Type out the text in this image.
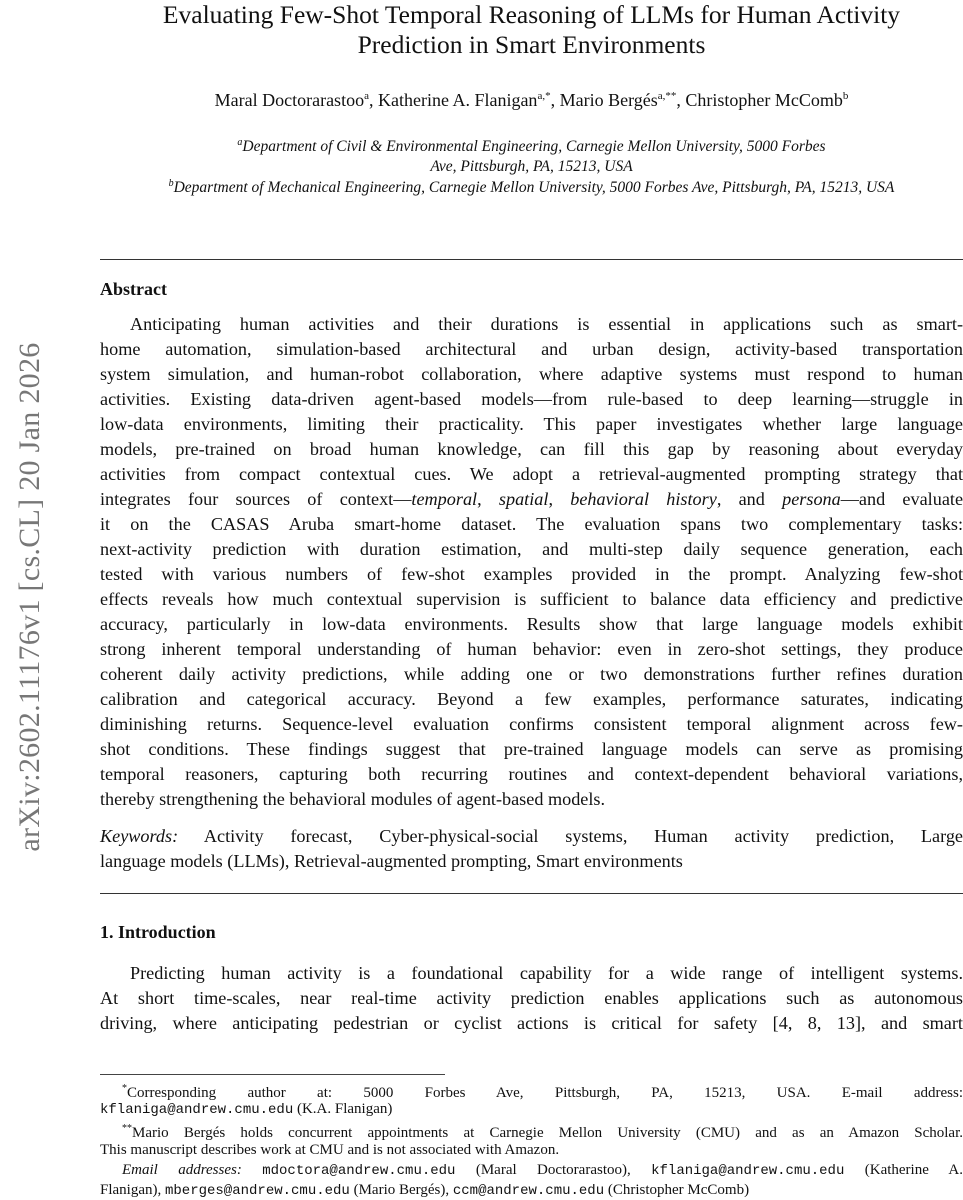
arXiv:2602.11176v1 [cs.CL] 20 Jan 2026
Evaluating Few-Shot Temporal Reasoning of LLMs for Human Activity
Prediction in Smart Environments
Maral Doctorarastoo$^a$, Katherine A. Flanigan$^{a,*}$, Mario Bergés$^{a,**}$, Christopher McComb$^b$
$^a$Department of Civil & Environmental Engineering, Carnegie Mellon University, 5000 Forbes
Ave, Pittsburgh, PA, 15213, USA
$^b$Department of Mechanical Engineering, Carnegie Mellon University, 5000 Forbes Ave, Pittsburgh, PA, 15213, USA
Abstract
Anticipating human activities and their durations is essential in applications such as smart-
home automation, simulation-based architectural and urban design, activity-based transportation
system simulation, and human-robot collaboration, where adaptive systems must respond to human
activities. Existing data-driven agent-based models—from rule-based to deep learning—struggle in
low-data environments, limiting their practicality. This paper investigates whether large language
models, pre-trained on broad human knowledge, can fill this gap by reasoning about everyday
activities from compact contextual cues. We adopt a retrieval-augmented prompting strategy that
integrates four sources of context—temporal, spatial, behavioral history, and persona—and evaluate
it on the CASAS Aruba smart-home dataset. The evaluation spans two complementary tasks:
next-activity prediction with duration estimation, and multi-step daily sequence generation, each
tested with various numbers of few-shot examples provided in the prompt. Analyzing few-shot
effects reveals how much contextual supervision is sufficient to balance data efficiency and predictive
accuracy, particularly in low-data environments. Results show that large language models exhibit
strong inherent temporal understanding of human behavior: even in zero-shot settings, they produce
coherent daily activity predictions, while adding one or two demonstrations further refines duration
calibration and categorical accuracy. Beyond a few examples, performance saturates, indicating
diminishing returns. Sequence-level evaluation confirms consistent temporal alignment across few-
shot conditions. These findings suggest that pre-trained language models can serve as promising
temporal reasoners, capturing both recurring routines and context-dependent behavioral variations,
thereby strengthening the behavioral modules of agent-based models.
Keywords: Activity forecast, Cyber-physical-social systems, Human activity prediction, Large
language models (LLMs), Retrieval-augmented prompting, Smart environments
1. Introduction
Predicting human activity is a foundational capability for a wide range of intelligent systems.
At short time-scales, near real-time activity prediction enables applications such as autonomous
driving, where anticipating pedestrian or cyclist actions is critical for safety [4, 8, 13], and smart
*Corresponding author at: 5000 Forbes Ave, Pittsburgh, PA, 15213, USA. E-mail address:
kflaniga@andrew.cmu.edu (K.A. Flanigan)
**Mario Bergés holds concurrent appointments at Carnegie Mellon University (CMU) and as an Amazon Scholar.
This manuscript describes work at CMU and is not associated with Amazon.
Email addresses: mdoctora@andrew.cmu.edu (Maral Doctorarastoo), kflaniga@andrew.cmu.edu (Katherine A.
Flanigan), mberges@andrew.cmu.edu (Mario Bergés), ccm@andrew.cmu.edu (Christopher McComb)
